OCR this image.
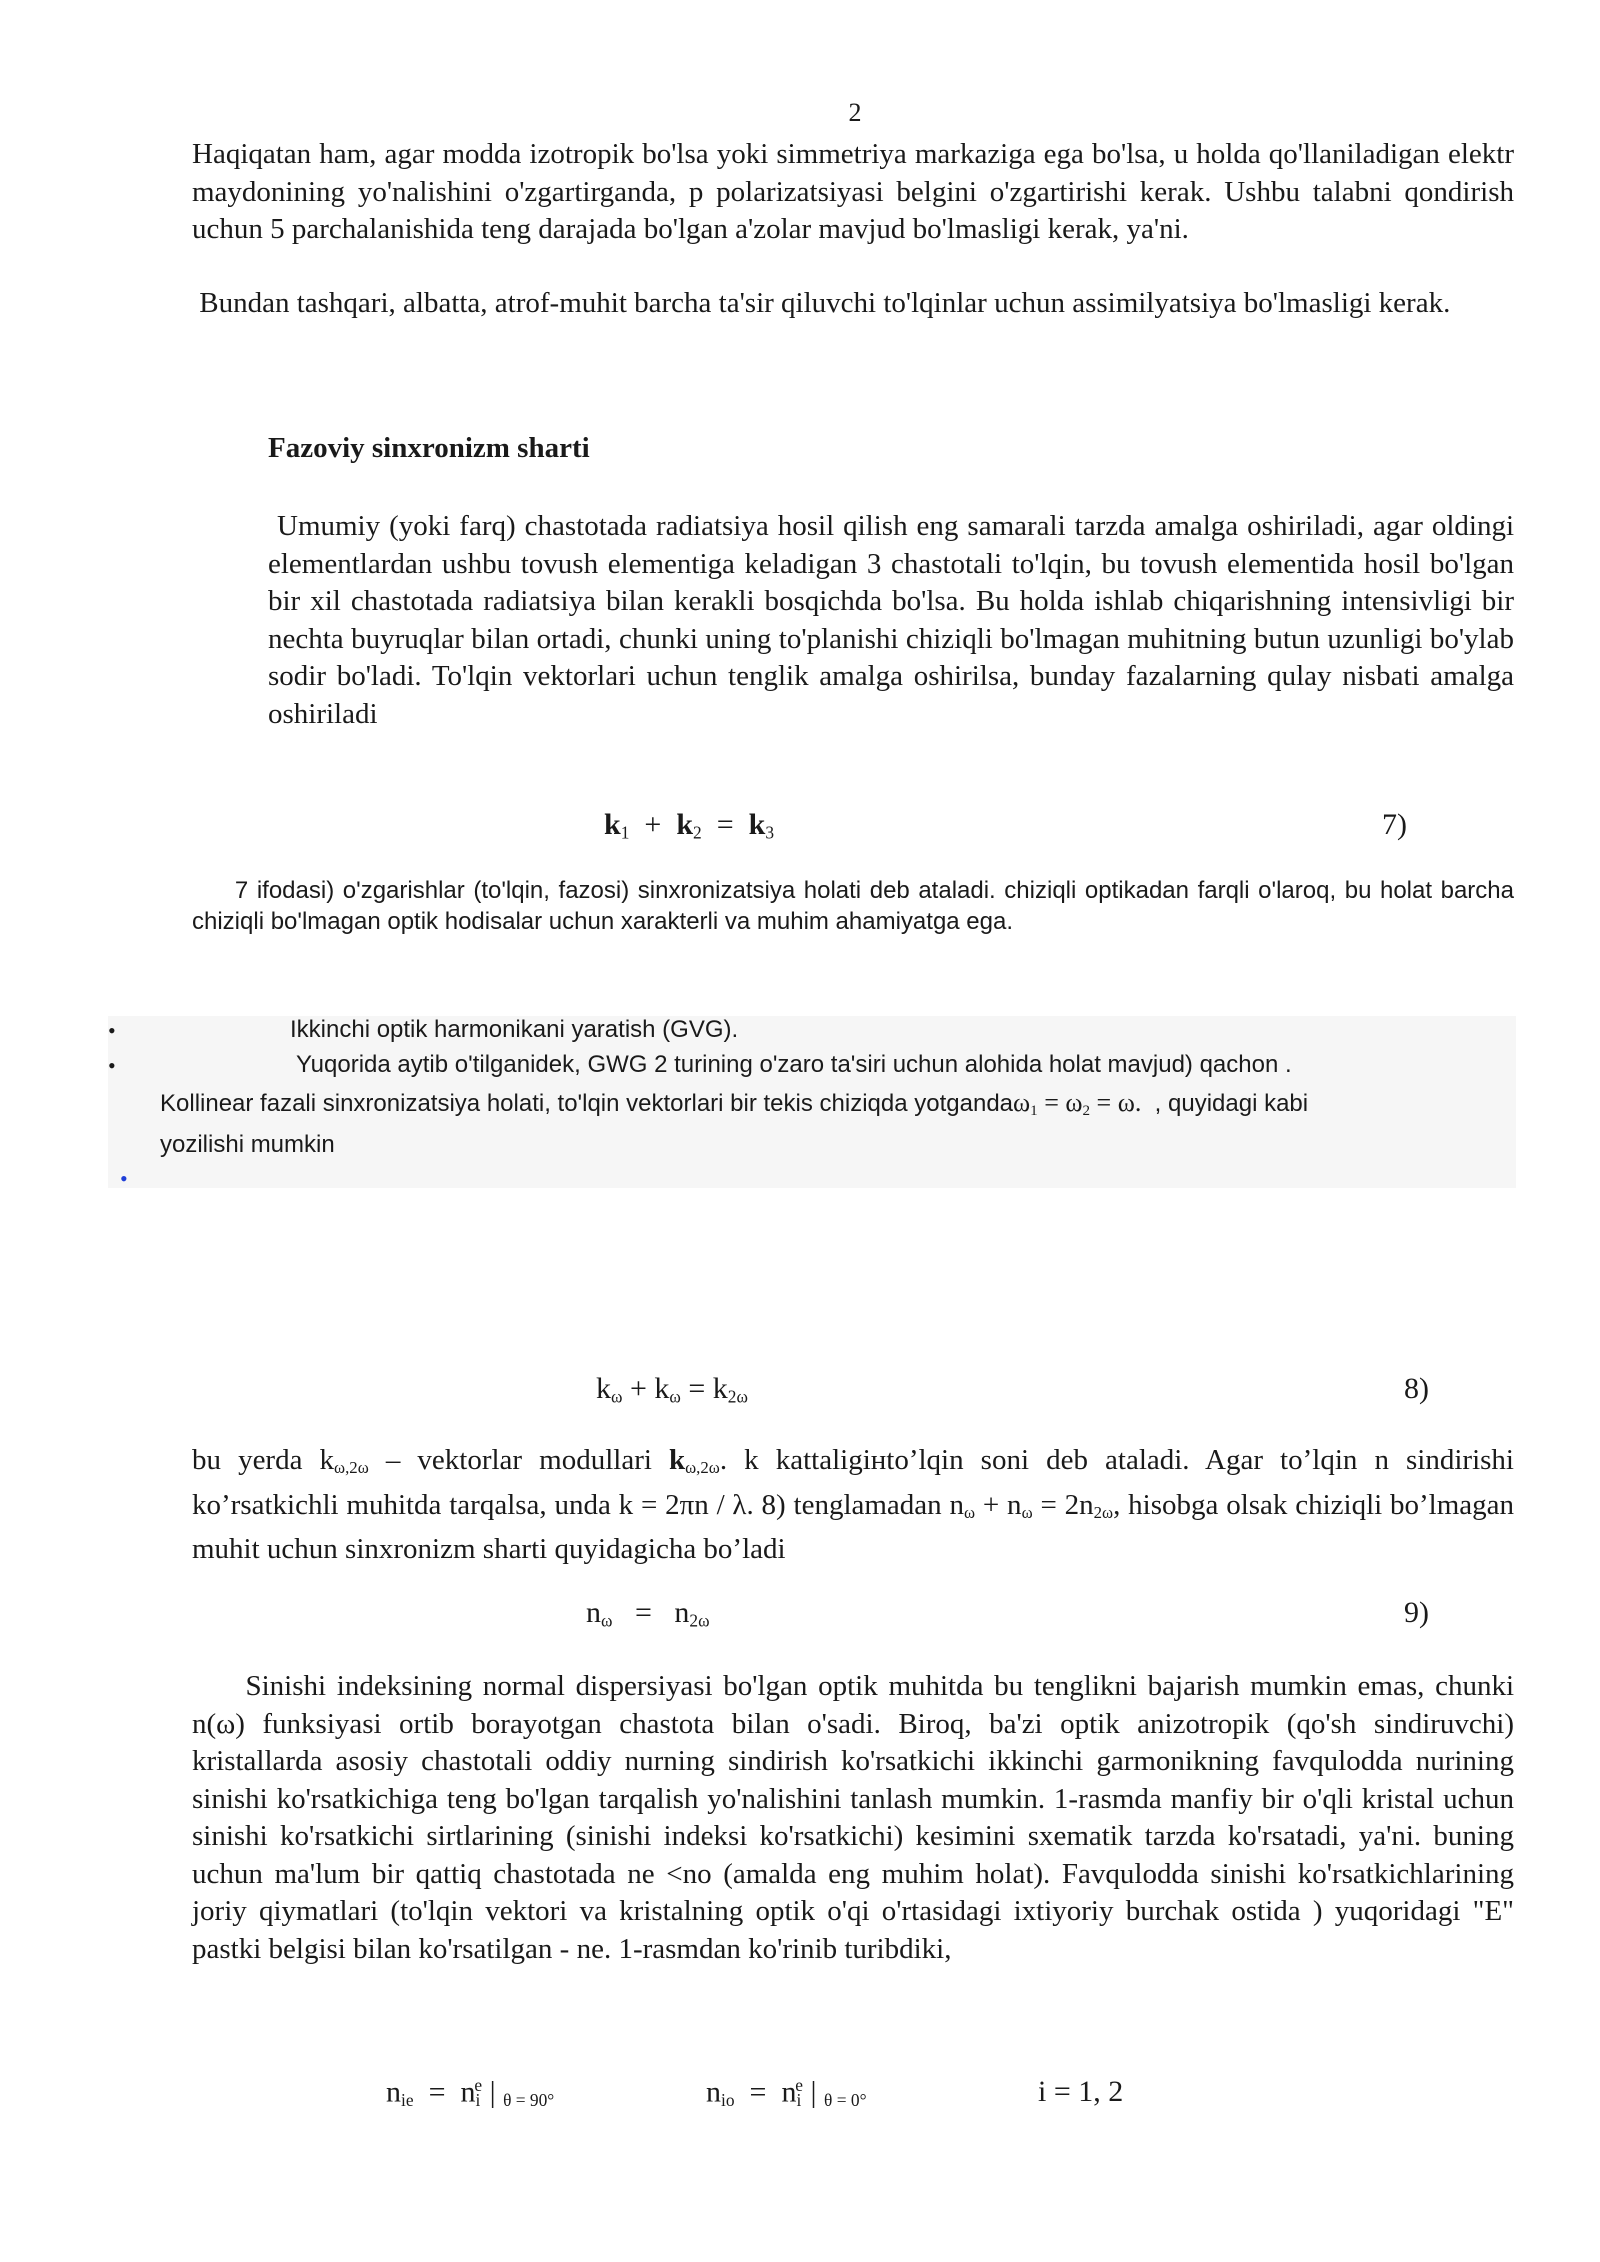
2

Haqiqatan ham, agar modda izotropik bo'lsa yoki simmetriya markaziga ega bo'lsa, u holda qo'llaniladigan elektr maydonining yo'nalishini o'zgartirganda, p polarizatsiyasi belgini o'zgartirishi kerak. Ushbu talabni qondirish uchun 5 parchalanishida teng darajada bo'lgan a'zolar mavjud bo'lmasligi kerak, ya'ni.

Bundan tashqari, albatta, atrof-muhit barcha ta'sir qiluvchi to'lqinlar uchun assimilyatsiya bo'lmasligi kerak.

Fazoviy sinxronizm sharti

Umumiy (yoki farq) chastotada radiatsiya hosil qilish eng samarali tarzda amalga oshiriladi, agar oldingi elementlardan ushbu tovush elementiga keladigan 3 chastotali to'lqin, bu tovush elementida hosil bo'lgan bir xil chastotada radiatsiya bilan kerakli bosqichda bo'lsa. Bu holda ishlab chiqarishning intensivligi bir nechta buyruqlar bilan ortadi, chunki uning to'planishi chiziqli bo'lmagan muhitning butun uzunligi bo'ylab sodir bo'ladi. To'lqin vektorlari uchun tenglik amalga oshirilsa, bunday fazalarning qulay nisbati amalga oshiriladi

$k_1 + k_2 = k_3$	7)

7 ifodasi) o'zgarishlar (to'lqin, fazosi) sinxronizatsiya holati deb ataladi. chiziqli optikadan farqli o'laroq, bu holat barcha chiziqli bo'lmagan optik hodisalar uchun xarakterli va muhim ahamiyatga ega.

•	Ikkinchi optik harmonikani yaratish (GVG).
•	Yuqorida aytib o'tilganidek, GWG 2 turining o'zaro ta'siri uchun alohida holat mavjud) qachon .
Kollinear fazali sinxronizatsiya holati, to'lqin vektorlari bir tekis chiziqda yotgandaω$_1$ = $\omega_2 = \omega$. , quyidagi kabi
yozilishi mumkin
•
$k_\omega + k_\omega = k_{2\omega}$	8)

bu yerda $k_{\omega,2\omega}$ – vektorlar modullari $k_{\omega,2\omega}$. k kattaligiнto’lqin soni deb ataladi. Agar to’lqin n sindirishi ko’rsatkichli muhitda tarqalsa, unda k = 2πn / λ. 8) tenglamadan $n_\omega + n_\omega = 2n_{2\omega}$, hisobga olsak chiziqli bo’lmagan muhit uchun sinxronizm sharti quyidagicha bo’ladi

$n_\omega = n_{2\omega}$	9)

Sinishi indeksining normal dispersiyasi bo'lgan optik muhitda bu tenglikni bajarish mumkin emas, chunki n(ω) funksiyasi ortib borayotgan chastota bilan o'sadi. Biroq, ba'zi optik anizotropik (qo'sh sindiruvchi) kristallarda asosiy chastotali oddiy nurning sindirish ko'rsatkichi ikkinchi garmonikning favqulodda nurining sinishi ko'rsatkichiga teng bo'lgan tarqalish yo'nalishini tanlash mumkin. 1-rasmda manfiy bir o'qli kristal uchun sinishi ko'rsatkichi sirtlarining (sinishi indeksi ko'rsatkichi) kesimini sxematik tarzda ko'rsatadi, ya'ni. buning uchun ma'lum bir qattiq chastotada ne <no (amalda eng muhim holat). Favqulodda sinishi ko'rsatkichlarining joriy qiymatlari (to'lqin vektori va kristalning optik o'qi o'rtasidagi ixtiyoriy burchak ostida ) yuqoridagi "E" pastki belgisi bilan ko'rsatilgan - ne. 1-rasmdan ko'rinib turibdiki,

$n_{ie} = n_i^e$ | $_{\theta = 90^\circ}$	$n_{io} = n_i^e$ | $_{\theta = 0^\circ}$	i = 1, 2
